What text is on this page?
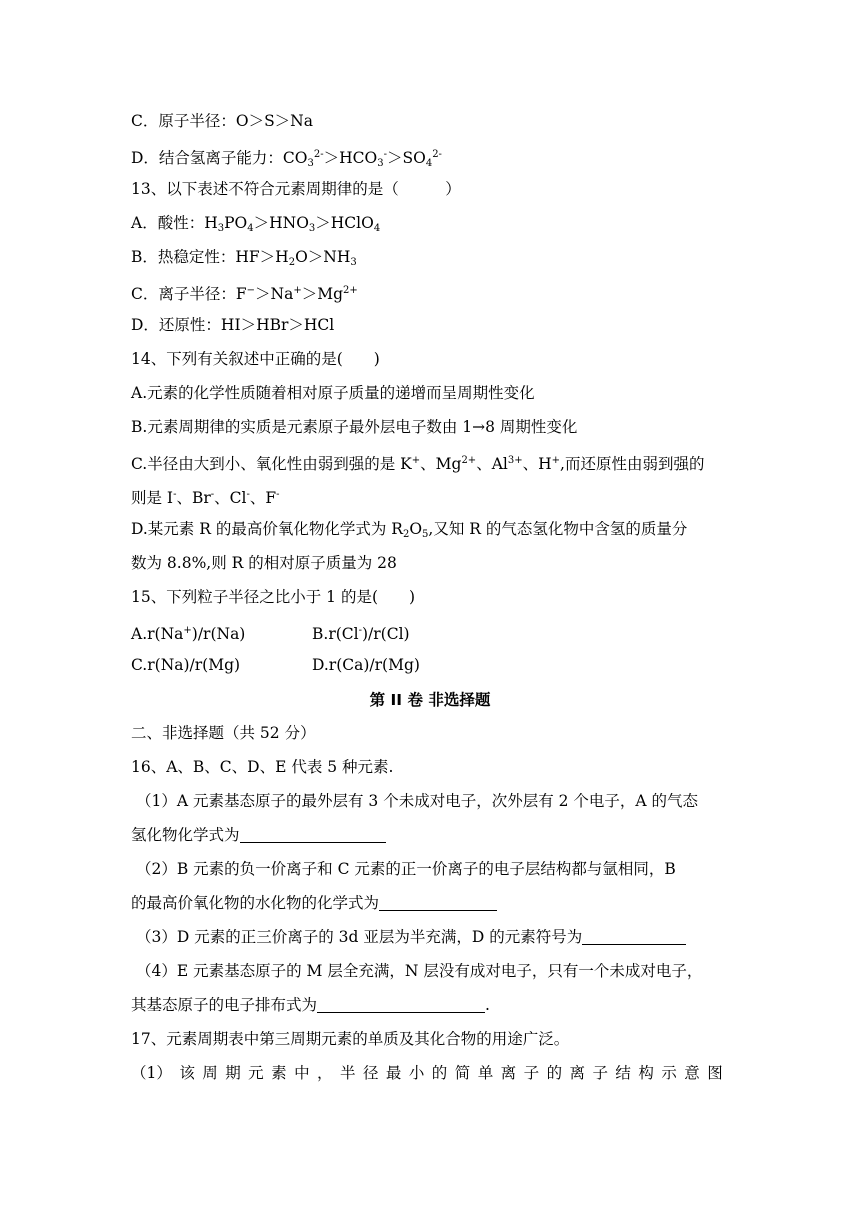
C．原子半径：O＞S＞Na
D．结合氢离子能力：$CO_3^{2-}>HCO_3^->SO_4^{2-}$
13、以下表述不符合元素周期律的是（　　　）
A．酸性：$H_3PO_4>HNO_3>HClO_4$
B．热稳定性：$HF>H_2O>NH_3$
C．离子半径：$F^->Na^+>Mg^{2+}$
D．还原性：HI＞HBr＞HCl
14、下列有关叙述中正确的是(　　)
A.元素的化学性质随着相对原子质量的递增而呈周期性变化
B.元素周期律的实质是元素原子最外层电子数由 1→8 周期性变化
C.半径由大到小、氧化性由弱到强的是 K+、$Mg^{2+}$、$Al^{3+}$、H+,而还原性由弱到强的
则是 I-、Br-、Cl-、F-
D.某元素 R 的最高价氧化物化学式为 $R_2O_5$,又知 R 的气态氢化物中含氢的质量分
数为 8.8%,则 R 的相对原子质量为 28
15、下列粒子半径之比小于 1 的是(　　)
A.r(Na+)/r(Na)	B.r(Cl-)/r(Cl)
C.r(Na)/r(Mg)	D.r(Ca)/r(Mg)
第 II 卷 非选择题
二、非选择题（共 52 分）
16、A、B、C、D、E 代表 5 种元素.
（1）A 元素基态原子的最外层有 3 个未成对电子，次外层有 2 个电子，A 的气态
氢化物化学式为
（2）B 元素的负一价离子和 C 元素的正一价离子的电子层结构都与氩相同，B
的最高价氧化物的水化物的化学式为
（3）D 元素的正三价离子的 3d 亚层为半充满，D 的元素符号为
（4）E 元素基态原子的 M 层全充满，N 层没有成对电子，只有一个未成对电子，
其基态原子的电子排布式为	.
17、元素周期表中第三周期元素的单质及其化合物的用途广泛。
（1） 该 周 期 元 素 中 ， 半 径 最 小 的 简 单 离 子 的 离 子 结 构 示 意 图
